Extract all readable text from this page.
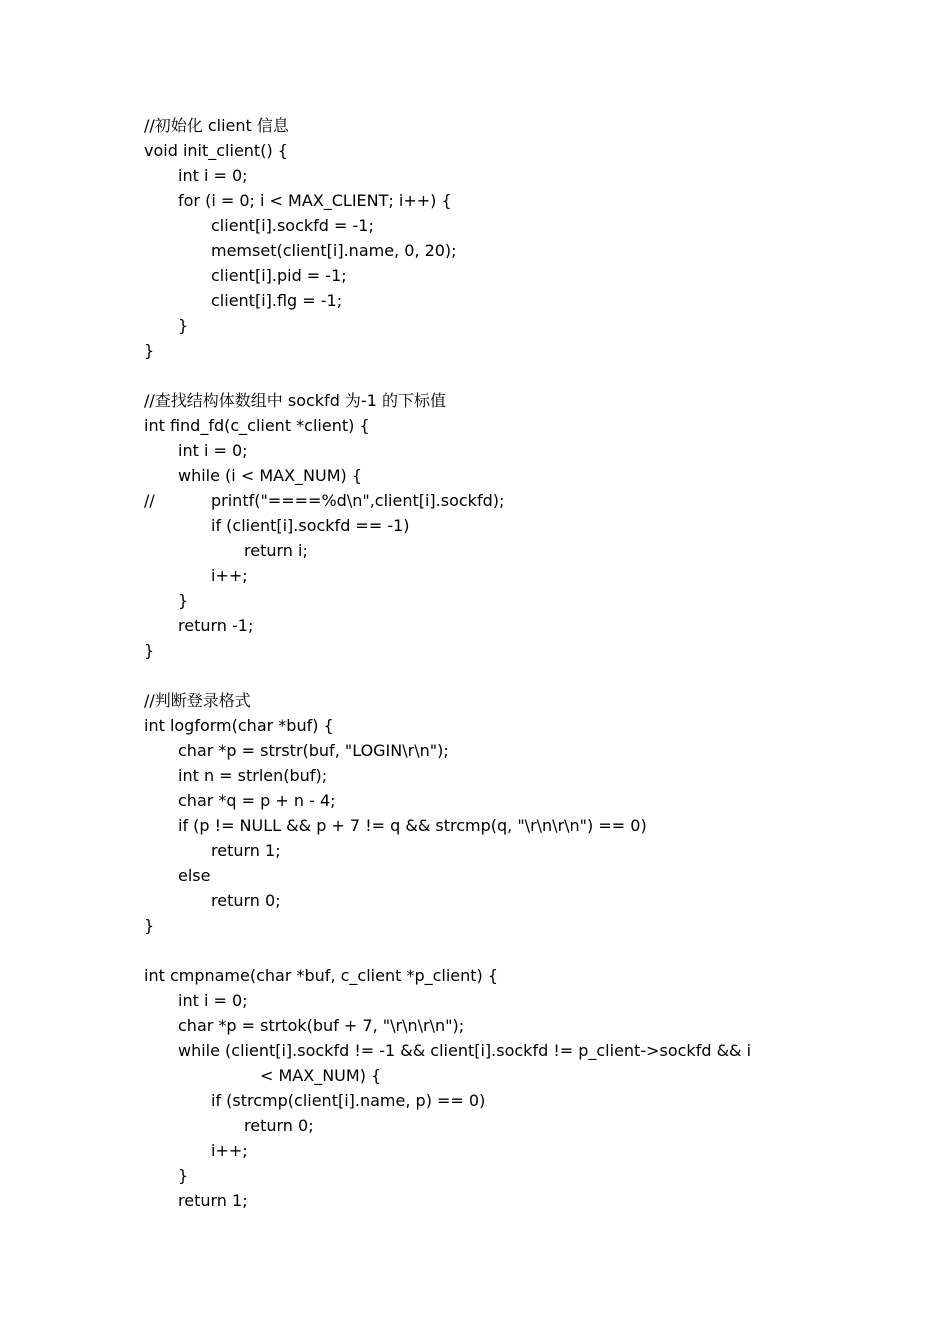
//初始化 client 信息
void init_client() {
int i = 0;
for (i = 0; i < MAX_CLIENT; i++) {
client[i].sockfd = -1;
memset(client[i].name, 0, 20);
client[i].pid = -1;
client[i].flg = -1;
}
}
//查找结构体数组中 sockfd 为-1 的下标值
int find_fd(c_client *client) {
int i = 0;
while (i < MAX_NUM) {
//	printf("====%d\n",client[i].sockfd);
if (client[i].sockfd == -1)
return i;
i++;
}
return -1;
}
//判断登录格式
int logform(char *buf) {
char *p = strstr(buf, "LOGIN\r\n");
int n = strlen(buf);
char *q = p + n - 4;
if (p != NULL && p + 7 != q && strcmp(q, "\r\n\r\n") == 0)
return 1;
else
return 0;
}
int cmpname(char *buf, c_client *p_client) {
int i = 0;
char *p = strtok(buf + 7, "\r\n\r\n");
while (client[i].sockfd != -1 && client[i].sockfd != p_client->sockfd && i
< MAX_NUM) {
if (strcmp(client[i].name, p) == 0)
return 0;
i++;
}
return 1;
